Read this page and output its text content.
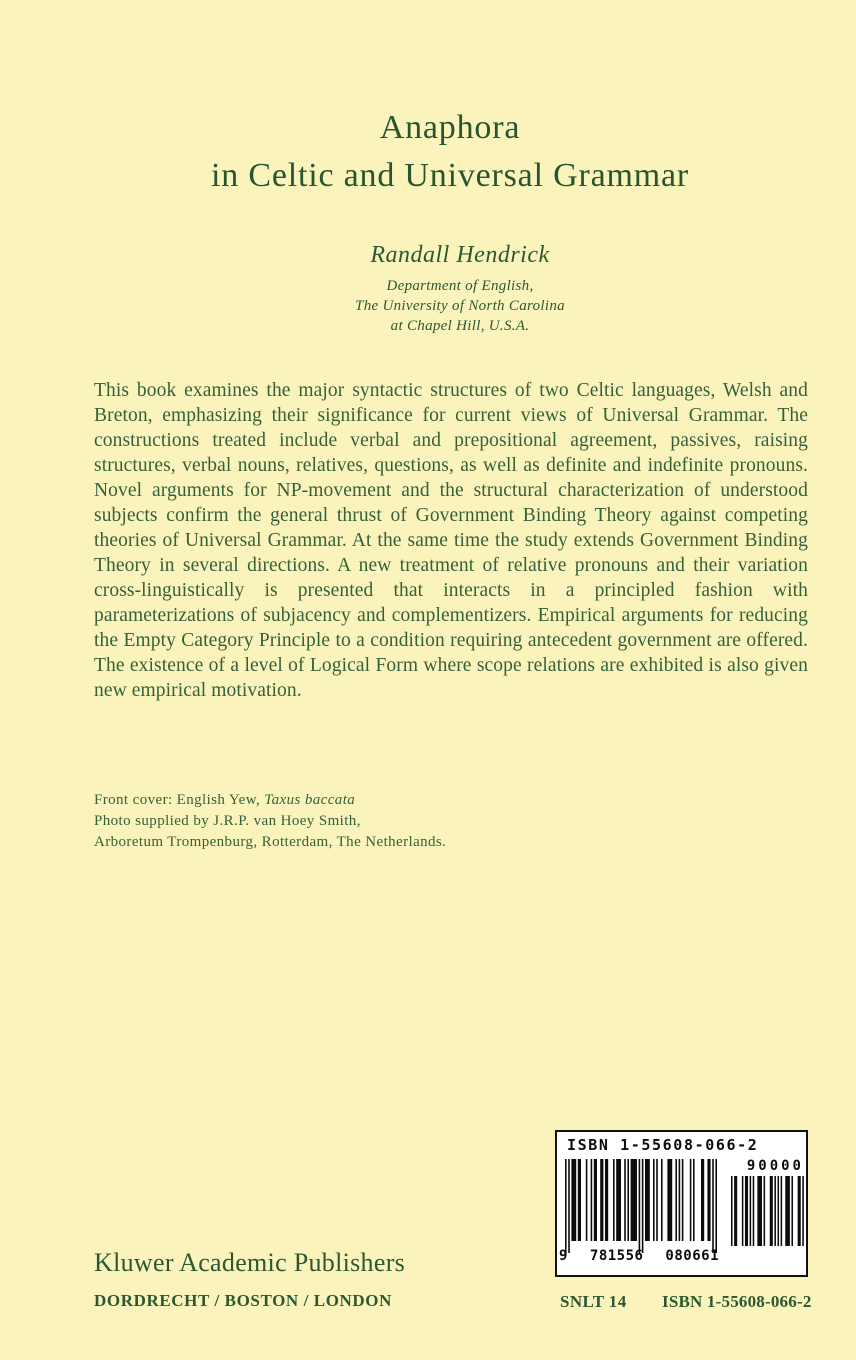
Anaphora
in Celtic and Universal Grammar
Randall Hendrick
Department of English,
The University of North Carolina
at Chapel Hill, U.S.A.

This book examines the major syntactic structures of two Celtic languages, Welsh and Breton, emphasizing their significance for current views of Universal Grammar. The constructions treated include verbal and prepositional agreement, passives, raising structures, verbal nouns, relatives, questions, as well as definite and indefinite pronouns. Novel arguments for NP-movement and the structural characterization of understood subjects confirm the general thrust of Government Binding Theory against competing theories of Universal Grammar. At the same time the study extends Government Binding Theory in several directions. A new treatment of relative pronouns and their variation cross-linguistically is presented that interacts in a principled fashion with parameterizations of subjacency and complementizers. Empirical arguments for reducing the Empty Category Principle to a condition requiring antecedent government are offered. The existence of a level of Logical Form where scope relations are exhibited is also given new empirical motivation.

Front cover: English Yew, Taxus baccata
Photo supplied by J.R.P. van Hoey Smith,
Arboretum Trompenburg, Rotterdam, The Netherlands.
ISBN 1-55608-066-2
9 781556 080661
90000
Kluwer Academic Publishers
DORDRECHT / BOSTON / LONDON	SNLT 14 ISBN 1-55608-066-2
